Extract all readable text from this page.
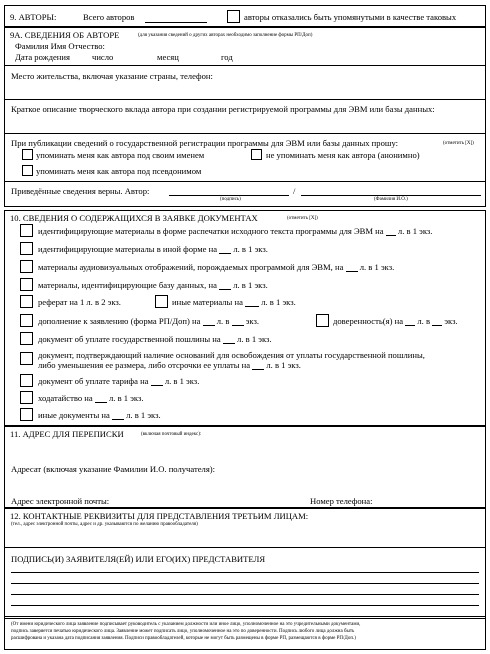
9. АВТОРЫ:	Всего авторов	авторы отказались быть упомянутыми в качестве таковых
9А. СВЕДЕНИЯ ОБ АВТОРЕ	(для указания сведений о других авторах необходимо заполнение формы РП/Доп)
Фамилия Имя Отчество:
Дата рождения	число	месяц	год
Место жительства, включая указание страны, телефон:
Краткое описание творческого вклада автора при создании регистрируемой программы для ЭВМ или базы данных:
При публикации сведений о государственной регистрации программы для ЭВМ или базы данных прошу:	(отметить [X])
упоминать меня как автора под своим именем	не упоминать меня как автора (анонимно)
упоминать меня как автора под псевдонимом
Приведённые сведения верны. Автор:	/
(подпись)	(Фамилия И.О.)
10. СВЕДЕНИЯ О СОДЕРЖАЩИХСЯ В ЗАЯВКЕ ДОКУМЕНТАХ	(отметить [X])
идентифицирующие материалы в форме распечатки исходного текста программы для ЭВМ на л. в 1 экз.
идентифицирующие материалы в иной форме на л. в 1 экз.
материалы аудиовизуальных отображений, порождаемых программой для ЭВМ, на л. в 1 экз.
материалы, идентифицирующие базу данных, на л. в 1 экз.
реферат на 1 л. в 2 экз.	иные материалы на л. в 1 экз.
дополнение к заявлению (форма РП/Доп) на л. в экз.	доверенность(я) на л. в экз.
документ об уплате государственной пошлины на л. в 1 экз.
документ, подтверждающий наличие оснований для освобождения от уплаты государственной пошлины,
либо уменьшения ее размера, либо отсрочки ее уплаты на л. в 1 экз.
документ об уплате тарифа на л. в 1 экз.
ходатайство на л. в 1 экз.
иные документы на л. в 1 экз.
11. АДРЕС ДЛЯ ПЕРЕПИСКИ	(включая почтовый индекс):
Адресат (включая указание Фамилии И.О. получателя):
Адрес электронной почты:	Номер телефона:
12. КОНТАКТНЫЕ РЕКВИЗИТЫ ДЛЯ ПРЕДСТАВЛЕНИЯ ТРЕТЬИМ ЛИЦАМ:
(тел., адрес электронной почты, адрес и др. указываются по желанию правообладателя)
ПОДПИСЬ(И) ЗАЯВИТЕЛЯ(ЕЙ) ИЛИ ЕГО(ИХ) ПРЕДСТАВИТЕЛЯ
(От имени юридического лица заявление подписывает руководитель с указанием должности или иное лицо, уполномоченное на это учредительными документами,
подпись заверяется печатью юридического лица. Заявление может подписать лицо, уполномоченное на это по доверенности. Подпись любого лица должна быть
расшифрована и указана дата подписания заявления. Подписи правообладателей, которые не могут быть размещены в форме РП, размещаются в форме РП/Доп.)
